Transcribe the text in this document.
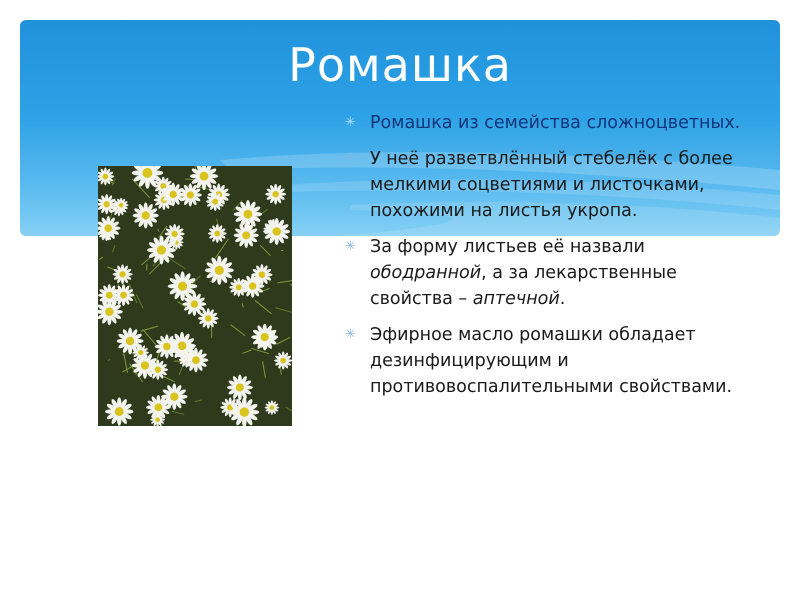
Ромашка
✳ Ромашка из семейства сложноцветных.
✳ У неё разветвлённый стебелёк с более мелкими соцветиями и листочками, похожими на листья укропа.
✳ За форму листьев её назвали ободранной, а за лекарственные свойства – аптечной.
✳ Эфирное масло ромашки обладает дезинфицирующим и противовоспалительными свойствами.
